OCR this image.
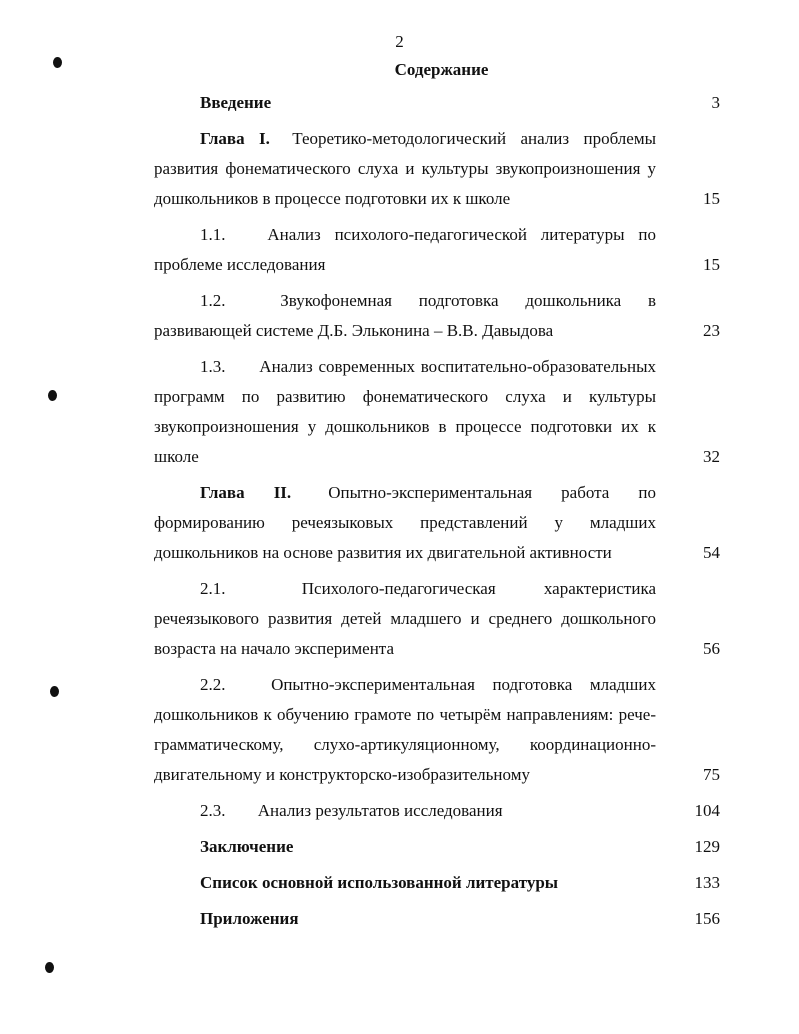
2
Содержание
Введение	3
Глава I. Теоретико-методологический анализ проблемы
развития фонематического слуха и культуры звукопроизношения у
дошкольников в процессе подготовки их к школе	15
1.1. Анализ психолого-педагогической литературы по
проблеме исследования	15
1.2.	Звукофонемная подготовка дошкольника в
развивающей системе Д.Б. Эльконина – В.В. Давыдова	23
1.3. Анализ современных воспитательно-образовательных
программ по развитию фонематического слуха и культуры
звукопроизношения у дошкольников в процессе подготовки их к
школе	32
Глава II. Опытно-экспериментальная работа по
формированию речеязыковых представлений у младших
дошкольников на основе развития их двигательной активности	54
2.1.	Психолого-педагогическая характеристика
речеязыкового развития детей младшего и среднего дошкольного
возраста на начало эксперимента	56
2.2.	Опытно-экспериментальная подготовка младших
дошкольников к обучению грамоте по четырём направлениям: рече-
грамматическому, слухо-артикуляционному, координационно-
двигательному и конструкторско-изобразительному	75
2.3. Анализ результатов исследования	104
Заключение	129
Список основной использованной литературы	133
Приложения	156
